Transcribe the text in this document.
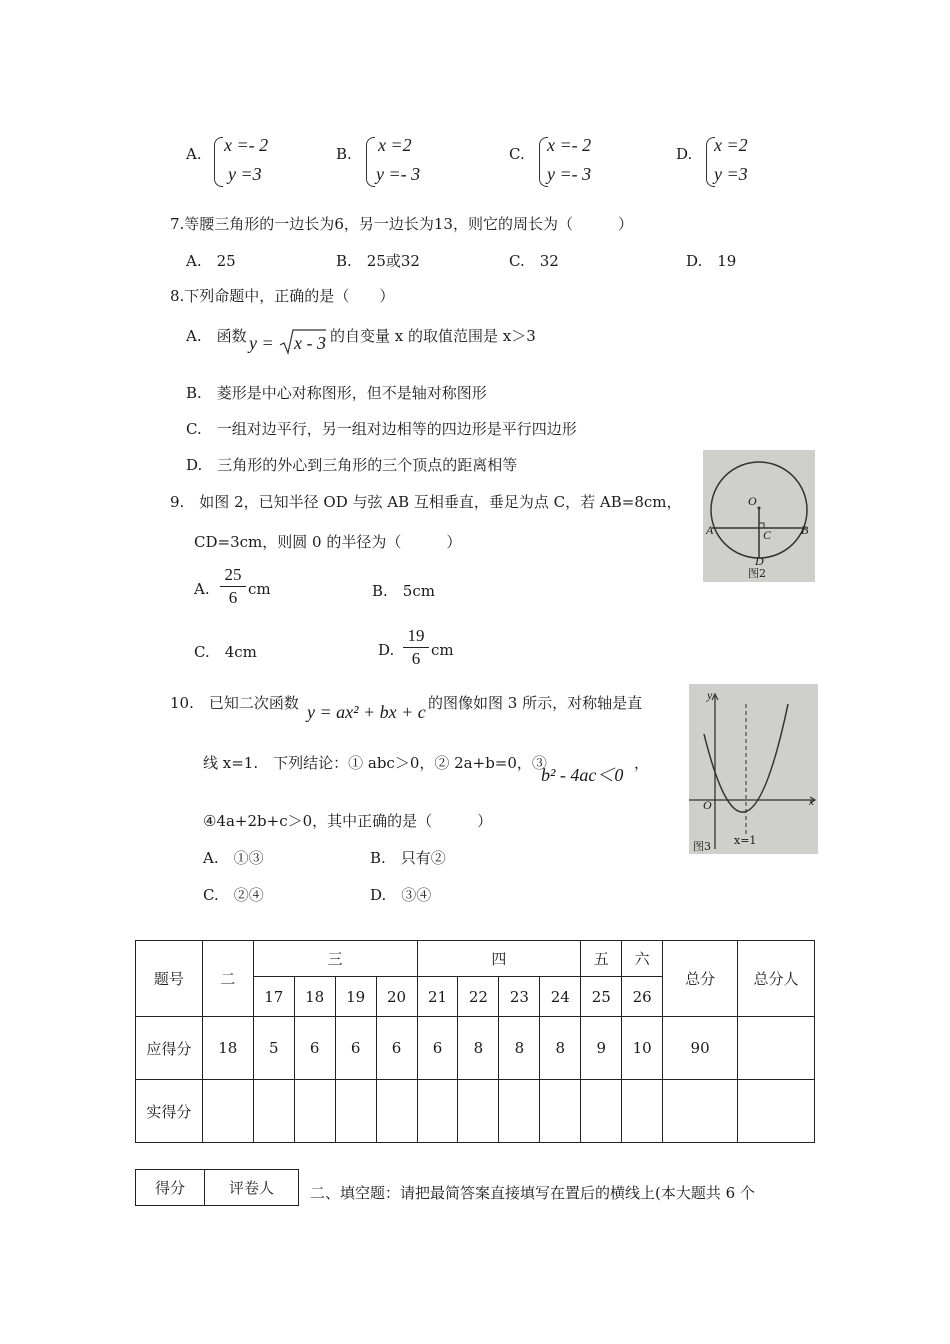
A. x =- 2
y =3
B. x =2
y =- 3
C. x =- 2
y =- 3
D. x =2
y =3
7.等腰三角形的一边长为6，另一边长为13，则它的周长为（　　　）
A.　25	B.　25或32	C.　32	D.　19
8.下列命题中，正确的是（　　）
A.　函数 y = x - 3 的自变量 x 的取值范围是 x＞3
B.　菱形是中心对称图形，但不是轴对称图形
C.　一组对边平行，另一组对边相等的四边形是平行四边形
D.　三角形的外心到三角形的三个顶点的距离相等
9.　如图 2，已知半径 OD 与弦 AB 互相垂直，垂足为点 C，若 AB=8cm，
CD=3cm，则圆 0 的半径为（　　　）
A.
25
6 cm	B.　5cm
C.　4cm	D.
19
6 cm
O
A	B
C
D
图2
10.　已知二次函数 y = ax² + bx + c 的图像如图 3 所示，对称轴是直
线 x=1.　下列结论：① abc＞0，② 2a+b=0，③
b² - 4ac＜0
，
④4a+2b+c＞0，其中正确的是（　　　）
A.　①③	B.　只有②
C.　②④	D.　③④
y
x
O
x=1
图3
题号	二	三				四				五	六	总分	总分人
		17	18	19	20	21	22	23	24	25	26		
应得分	18	5	6	6	6	6	8	8	8	9	10	90	
实得分													
得分	评卷人 二、填空题：请把最简答案直接填写在置后的横线上(本大题共 6 个
